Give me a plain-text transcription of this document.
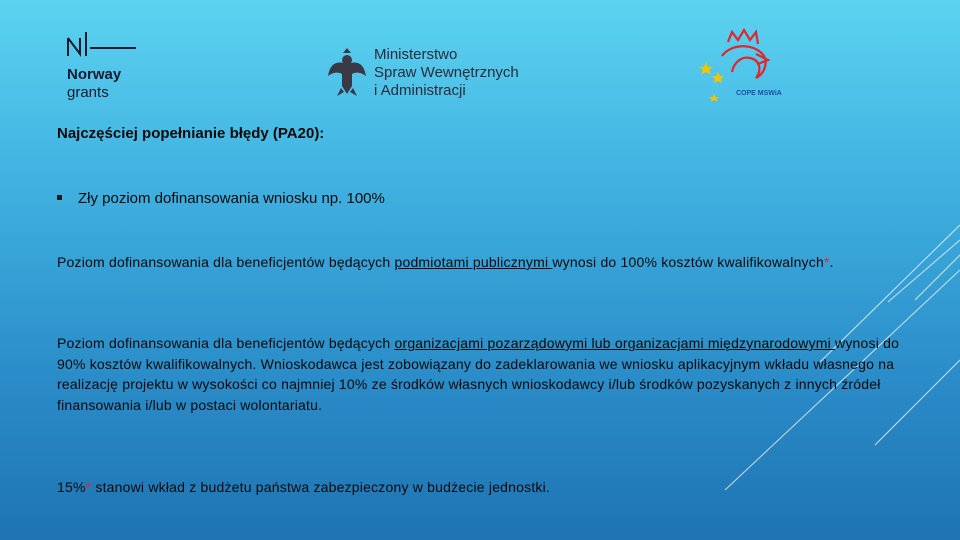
Norway
grants
Ministerstwo
Spraw Wewnętrznych
i Administracji	COPE MSWiA
Najczęściej popełnianie błędy (PA20):
Zły poziom dofinansowania wniosku np. 100%
Poziom dofinansowania dla beneficjentów będących podmiotami publicznymi wynosi do 100% kosztów kwalifikowalnych*.
Poziom dofinansowania dla beneficjentów będących organizacjami pozarządowymi lub organizacjami międzynarodowymi wynosi do 90% kosztów kwalifikowalnych. Wnioskodawca jest zobowiązany do zadeklarowania we wniosku aplikacyjnym wkładu własnego na realizację projektu w wysokości co najmniej 10% ze środków własnych wnioskodawcy i/lub środków pozyskanych z innych źródeł finansowania i/lub w postaci wolontariatu.
15%* stanowi wkład z budżetu państwa zabezpieczony w budżecie jednostki.
